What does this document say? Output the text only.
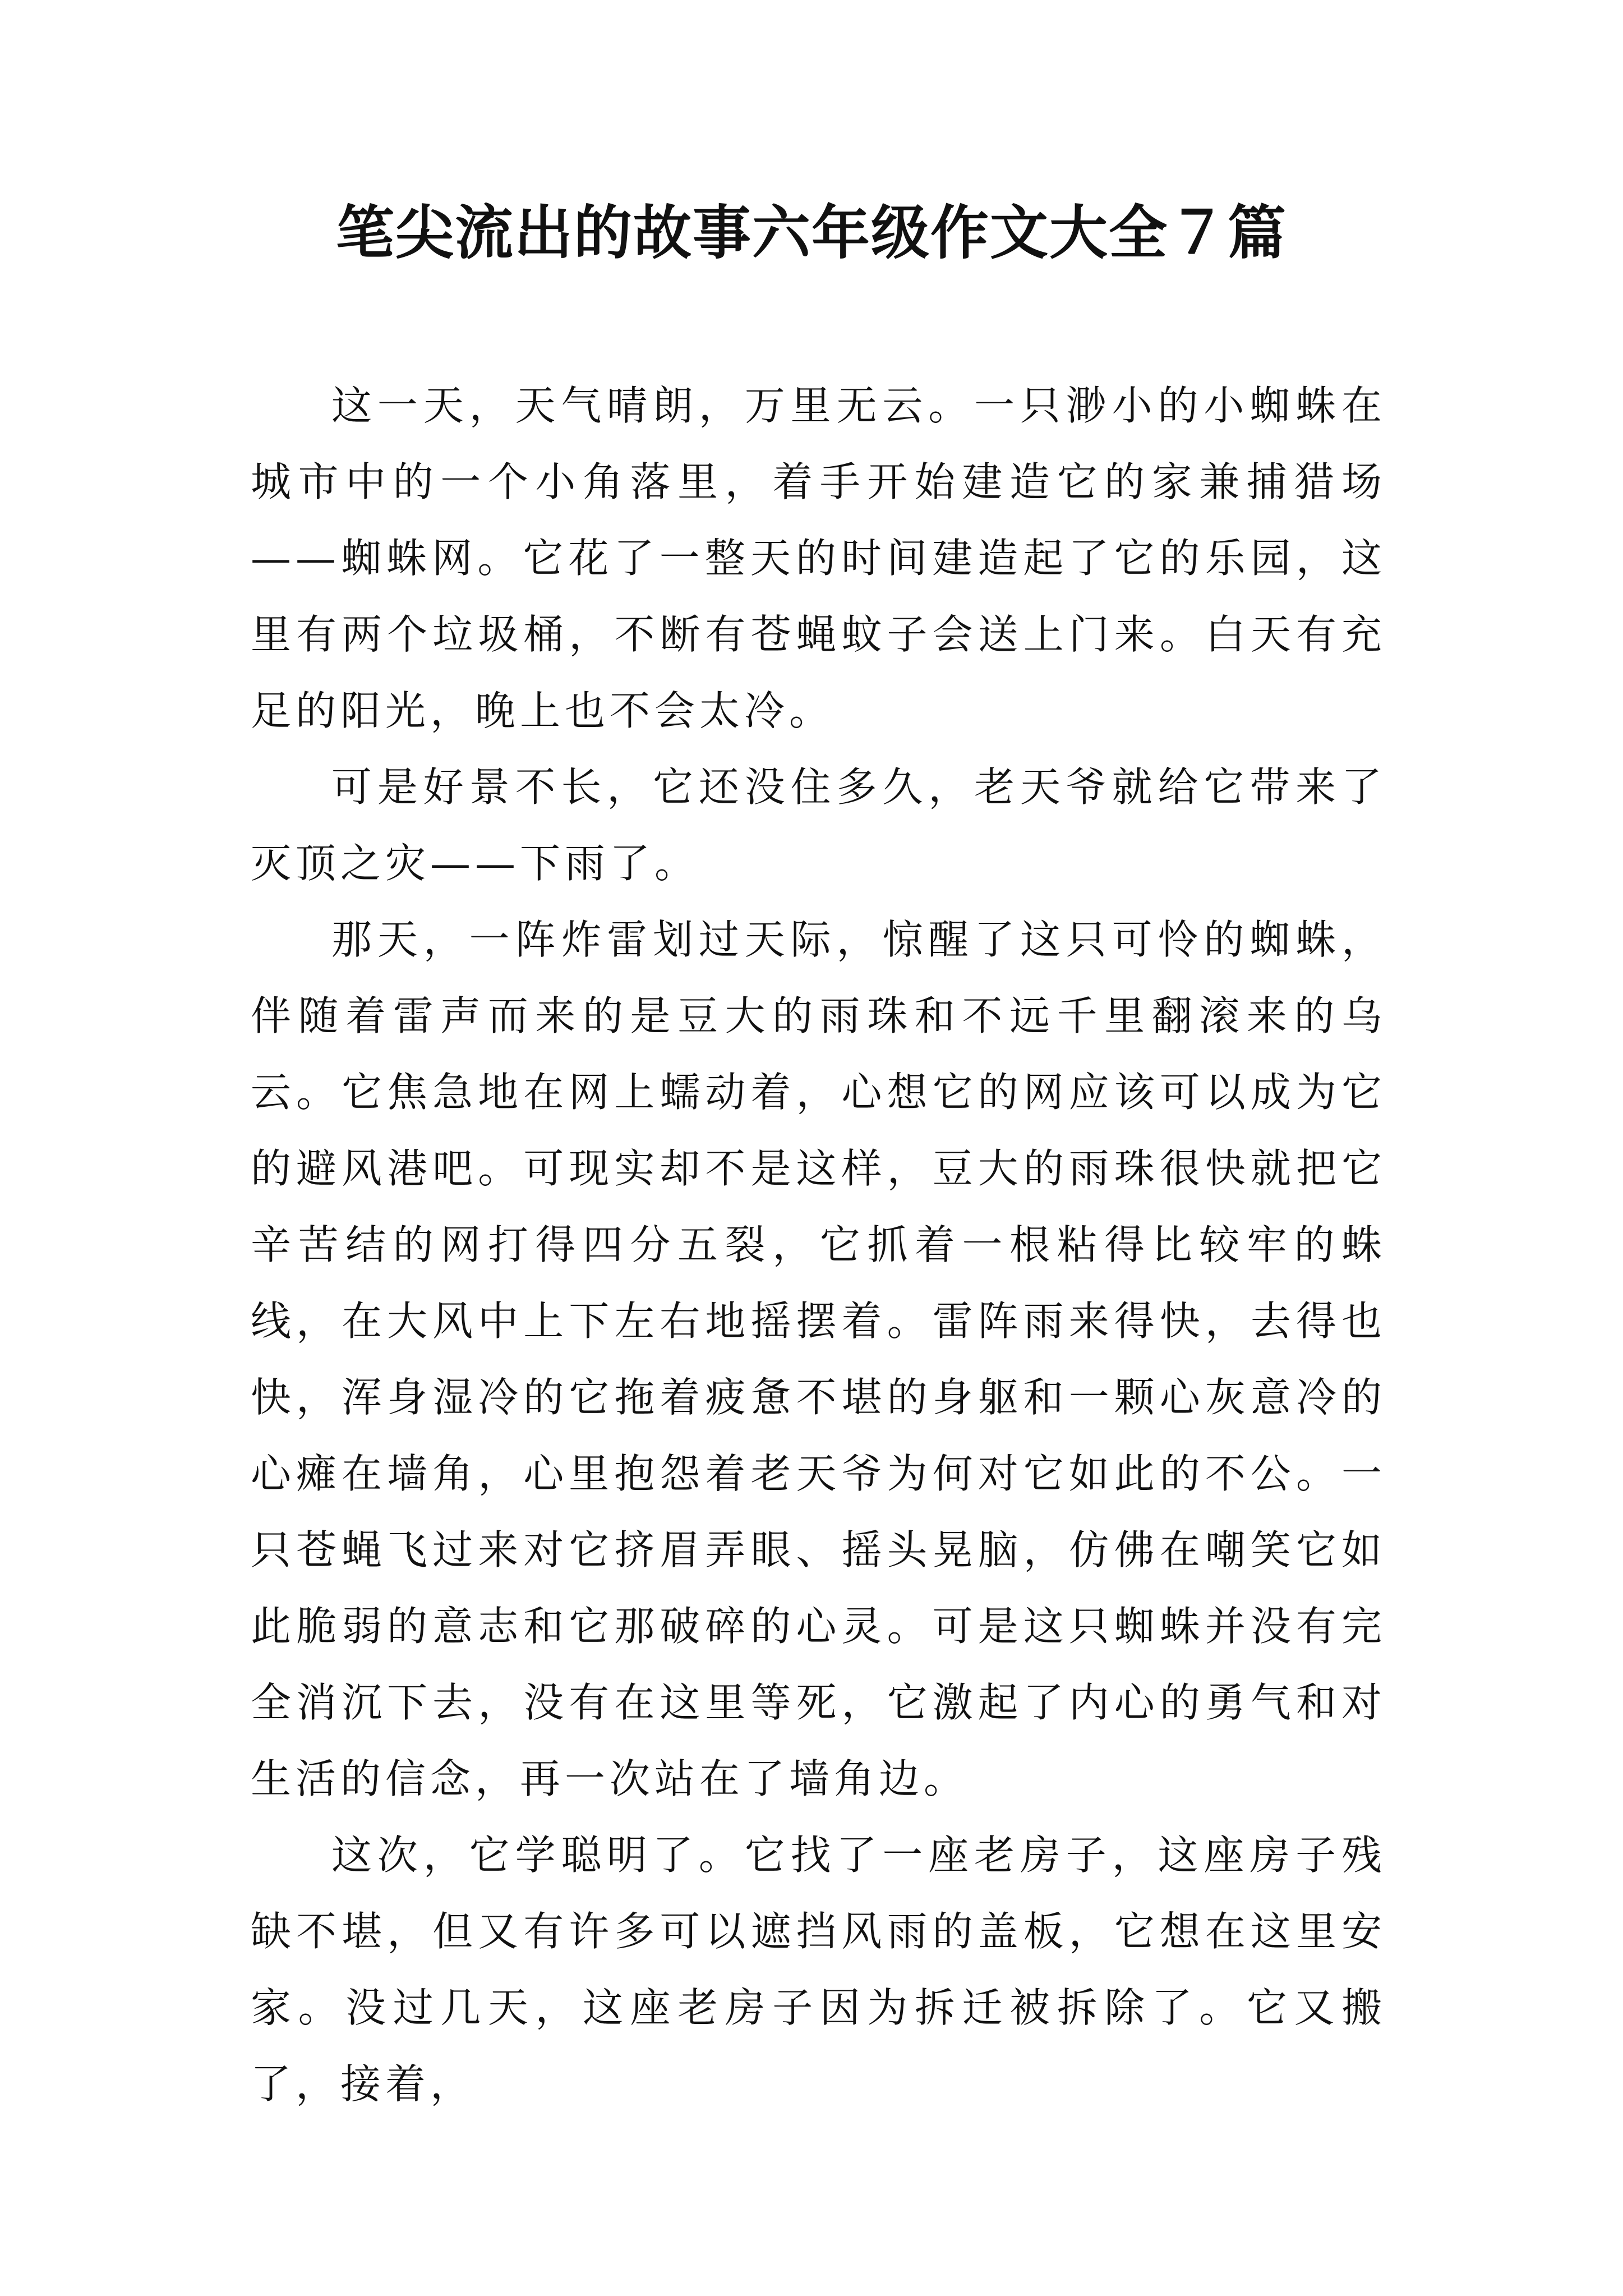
笔尖流出的故事六年级作文大全７篇

这一天，天气晴朗，万里无云。一只渺小的小蜘蛛在城市中的一个小角落里，着手开始建造它的家兼捕猎场——蜘蛛网。它花了一整天的时间建造起了它的乐园，这里有两个垃圾桶，不断有苍蝇蚊子会送上门来。白天有充足的阳光，晚上也不会太冷。

可是好景不长，它还没住多久，老天爷就给它带来了灭顶之灾——下雨了。

那天，一阵炸雷划过天际，惊醒了这只可怜的蜘蛛，伴随着雷声而来的是豆大的雨珠和不远千里翻滚来的乌云。它焦急地在网上蠕动着，心想它的网应该可以成为它的避风港吧。可现实却不是这样，豆大的雨珠很快就把它辛苦结的网打得四分五裂，它抓着一根粘得比较牢的蛛线，在大风中上下左右地摇摆着。雷阵雨来得快，去得也快，浑身湿冷的它拖着疲惫不堪的身躯和一颗心灰意冷的心瘫在墙角，心里抱怨着老天爷为何对它如此的不公。一只苍蝇飞过来对它挤眉弄眼、摇头晃脑，仿佛在嘲笑它如此脆弱的意志和它那破碎的心灵。可是这只蜘蛛并没有完全消沉下去，没有在这里等死，它激起了内心的勇气和对生活的信念，再一次站在了墙角边。

这次，它学聪明了。它找了一座老房子，这座房子残缺不堪，但又有许多可以遮挡风雨的盖板，它想在这里安家。没过几天，这座老房子因为拆迁被拆除了。它又搬了，接着，
